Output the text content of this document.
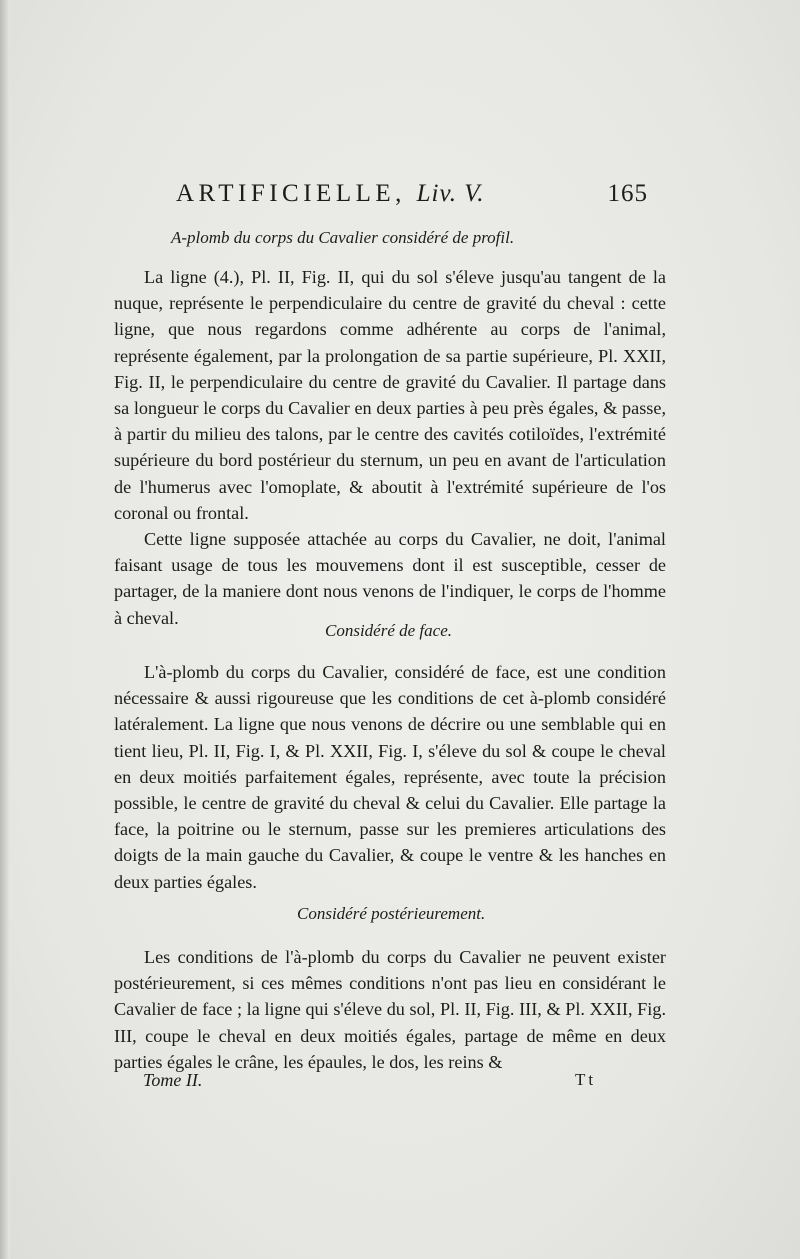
ARTIFICIELLE, Liv. V.	165
A-plomb du corps du Cavalier considéré de profil.

La ligne (4.), Pl. II, Fig. II, qui du sol s'éleve jusqu'au tangent de la nuque, représente le perpendiculaire du centre de gravité du cheval : cette ligne, que nous regardons comme adhérente au corps de l'animal, représente également, par la prolongation de sa partie supérieure, Pl. XXII, Fig. II, le perpendiculaire du centre de gravité du Cavalier. Il partage dans sa longueur le corps du Cavalier en deux parties à peu près égales, & passe, à partir du milieu des talons, par le centre des cavités cotiloïdes, l'extrémité supérieure du bord postérieur du sternum, un peu en avant de l'articulation de l'humerus avec l'omoplate, & aboutit à l'extrémité supérieure de l'os coronal ou frontal.

Cette ligne supposée attachée au corps du Cavalier, ne doit, l'animal faisant usage de tous les mouvemens dont il est susceptible, cesser de partager, de la maniere dont nous venons de l'indiquer, le corps de l'homme à cheval.

Considéré de face.

L'à-plomb du corps du Cavalier, considéré de face, est une condition nécessaire & aussi rigoureuse que les conditions de cet à-plomb considéré latéralement. La ligne que nous venons de décrire ou une semblable qui en tient lieu, Pl. II, Fig. I, & Pl. XXII, Fig. I, s'éleve du sol & coupe le cheval en deux moitiés parfaitement égales, représente, avec toute la précision possible, le centre de gravité du cheval & celui du Cavalier. Elle partage la face, la poitrine ou le sternum, passe sur les premieres articulations des doigts de la main gauche du Cavalier, & coupe le ventre & les hanches en deux parties égales.

Considéré postérieurement.

Les conditions de l'à-plomb du corps du Cavalier ne peuvent exister postérieurement, si ces mêmes conditions n'ont pas lieu en considérant le Cavalier de face ; la ligne qui s'éleve du sol, Pl. II, Fig. III, & Pl. XXII, Fig. III, coupe le cheval en deux moitiés égales, partage de même en deux parties égales le crâne, les épaules, le dos, les reins &

Tome II.	Tt
